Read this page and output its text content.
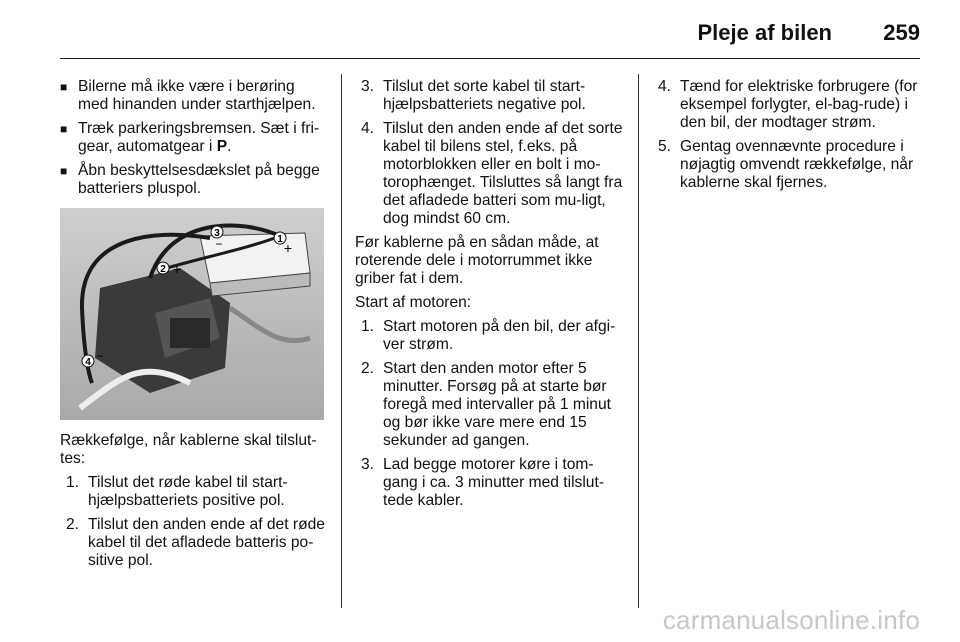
Pleje af bilen 259
■ Bilerne må ikke være i berøring med hinanden under starthjælpen.
■ Træk parkeringsbremsen. Sæt i fri-gear, automatgear i P.
■ Åbn beskyttelsesdækslet på begge batteriers pluspol.
3
−	1
+
2 +
4 −

Rækkefølge, når kablerne skal tilslut-tes:

1. Tilslut det røde kabel til start-hjælpsbatteriets positive pol.
2. Tilslut den anden ende af det røde kabel til det afladede batteris po-sitive pol.
3. Tilslut det sorte kabel til start-hjælpsbatteriets negative pol.
4. Tilslut den anden ende af det sorte kabel til bilens stel, f.eks. på motorblokken eller en bolt i mo-torophænget. Tilsluttes så langt fra det afladede batteri som mu-ligt, dog mindst 60 cm.

Før kablerne på en sådan måde, at roterende dele i motorrummet ikke griber fat i dem.

Start af motoren:

1. Start motoren på den bil, der afgi-ver strøm.
2. Start den anden motor efter 5 minutter. Forsøg på at starte bør foregå med intervaller på 1 minut og bør ikke vare mere end 15 sekunder ad gangen.
3. Lad begge motorer køre i tom-gang i ca. 3 minutter med tilslut-tede kabler.
4. Tænd for elektriske forbrugere (for eksempel forlygter, el-bag-rude) i den bil, der modtager strøm.
5. Gentag ovennævnte procedure i nøjagtig omvendt rækkefølge, når kablerne skal fjernes.
carmanualsonline.info
